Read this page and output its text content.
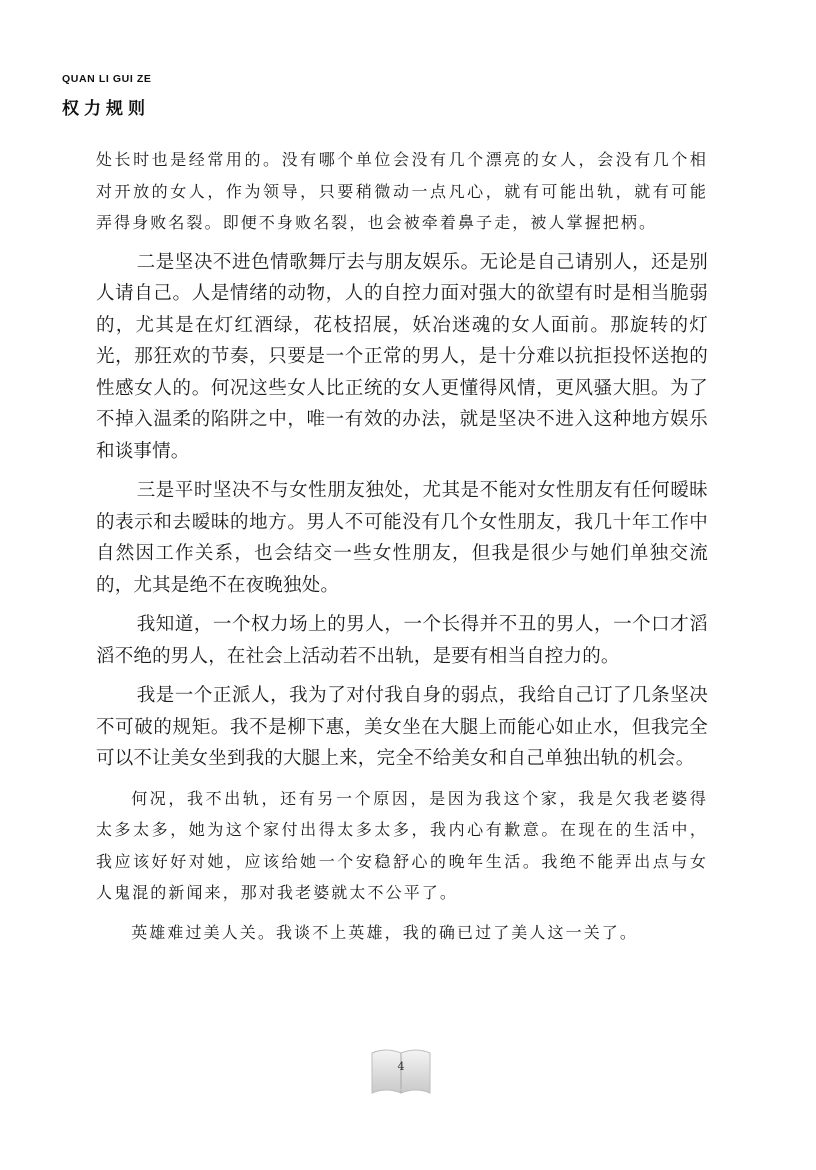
QUAN LI GUI ZE
权力规则

处长时也是经常用的。没有哪个单位会没有几个漂亮的女人，会没有几个相对开放的女人，作为领导，只要稍微动一点凡心，就有可能出轨，就有可能弄得身败名裂。即便不身败名裂，也会被牵着鼻子走，被人掌握把柄。

二是坚决不进色情歌舞厅去与朋友娱乐。无论是自己请别人，还是别人请自己。人是情绪的动物，人的自控力面对强大的欲望有时是相当脆弱的，尤其是在灯红酒绿，花枝招展，妖冶迷魂的女人面前。那旋转的灯光，那狂欢的节奏，只要是一个正常的男人，是十分难以抗拒投怀送抱的性感女人的。何况这些女人比正统的女人更懂得风情，更风骚大胆。为了不掉入温柔的陷阱之中，唯一有效的办法，就是坚决不进入这种地方娱乐和谈事情。

三是平时坚决不与女性朋友独处，尤其是不能对女性朋友有任何暧昧的表示和去暧昧的地方。男人不可能没有几个女性朋友，我几十年工作中自然因工作关系，也会结交一些女性朋友，但我是很少与她们单独交流的，尤其是绝不在夜晚独处。

我知道，一个权力场上的男人，一个长得并不丑的男人，一个口才滔滔不绝的男人，在社会上活动若不出轨，是要有相当自控力的。

我是一个正派人，我为了对付我自身的弱点，我给自己订了几条坚决不可破的规矩。我不是柳下惠，美女坐在大腿上而能心如止水，但我完全可以不让美女坐到我的大腿上来，完全不给美女和自己单独出轨的机会。

何况，我不出轨，还有另一个原因，是因为我这个家，我是欠我老婆得太多太多，她为这个家付出得太多太多，我内心有歉意。在现在的生活中，我应该好好对她，应该给她一个安稳舒心的晚年生活。我绝不能弄出点与女人鬼混的新闻来，那对我老婆就太不公平了。

英雄难过美人关。我谈不上英雄，我的确已过了美人这一关了。

4
